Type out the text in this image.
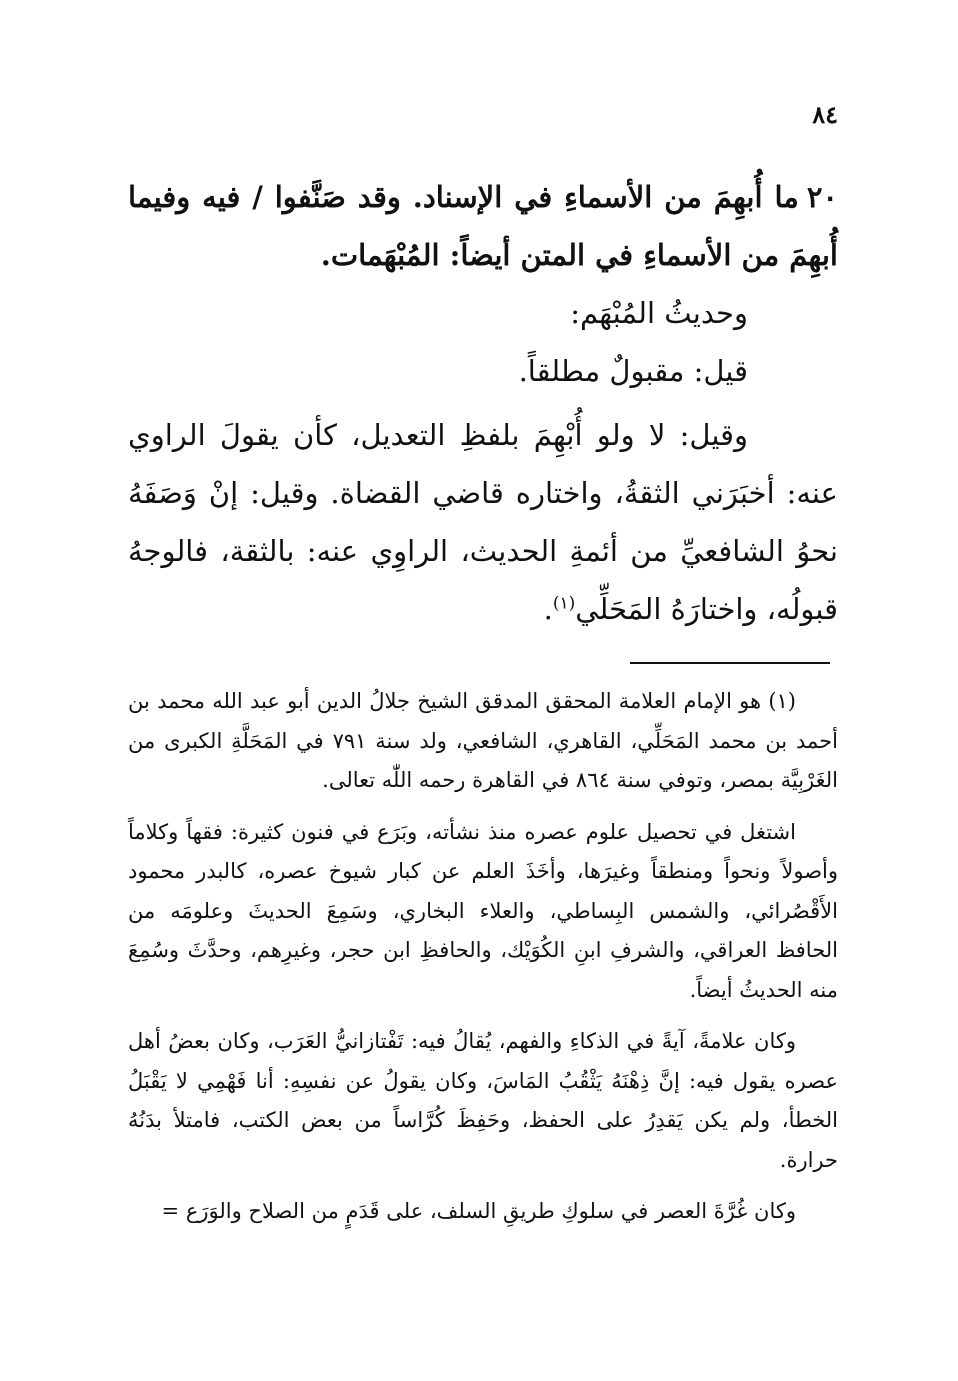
٨٤

٢٠ما أُبهِمَ من الأسماءِ في الإسناد. وقد صَنَّفوا / فيه وفيما أُبهِمَ من الأسماءِ في المتن أيضاً: المُبْهَمات.

وحديثُ المُبْهَم:

قيل: مقبولٌ مطلقاً.

وقيل: لا ولو أُبْهِمَ بلفظِ التعديل، كأن يقولَ الراوي عنه: أخبَرَني الثقةُ، واختاره قاضي القضاة. وقيل: إنْ وَصَفَهُ نحوُ الشافعيِّ من أئمةِ الحديث، الراوِي عنه: بالثقة، فالوجهُ قبولُه، واختارَهُ المَحَلِّي$^{(١)}$.

(١) هو الإمام العلامة المحقق المدقق الشيخ جلالُ الدين أبو عبد الله محمد بن أحمد بن محمد المَحَلِّي، القاهري، الشافعي، ولد سنة ٧٩١ في المَحَلَّةِ الكبرى من الغَرْبِيَّة بمصر، وتوفي سنة ٨٦٤ في القاهرة رحمه اللّٰه تعالى.

اشتغل في تحصيل علوم عصره منذ نشأته، وبَرَع في فنون كثيرة: فقهاً وكلاماً وأصولاً ونحواً ومنطقاً وغيرَها، وأخَذَ العلم عن كبار شيوخ عصره، كالبدر محمود الأَقْصُرائي، والشمس البِساطي، والعلاء البخاري، وسَمِعَ الحديثَ وعلومَه من الحافظ العراقي، والشرفِ ابنِ الكُوَيْك، والحافظِ ابن حجر، وغيرِهم، وحدَّثَ وسُمِعَ منه الحديثُ أيضاً.

وكان علامةً، آيةً في الذكاءِ والفهم، يُقالُ فيه: تَفْتازانيُّ العَرَب، وكان بعضُ أهل عصره يقول فيه: إنَّ ذِهْنَهُ يَثْقُبُ المَاسَ، وكان يقولُ عن نفسِهِ: أنا فَهْمِي لا يَقْبَلُ الخطأ، ولم يكن يَقدِرُ على الحفظ، وحَفِظَ كُرَّاساً من بعض الكتب، فامتلأ بدَنُهُ حرارة.

وكان غُرَّةَ العصر في سلوكِ طريقِ السلف، على قَدَمٍ من الصلاح والوَرَع =
